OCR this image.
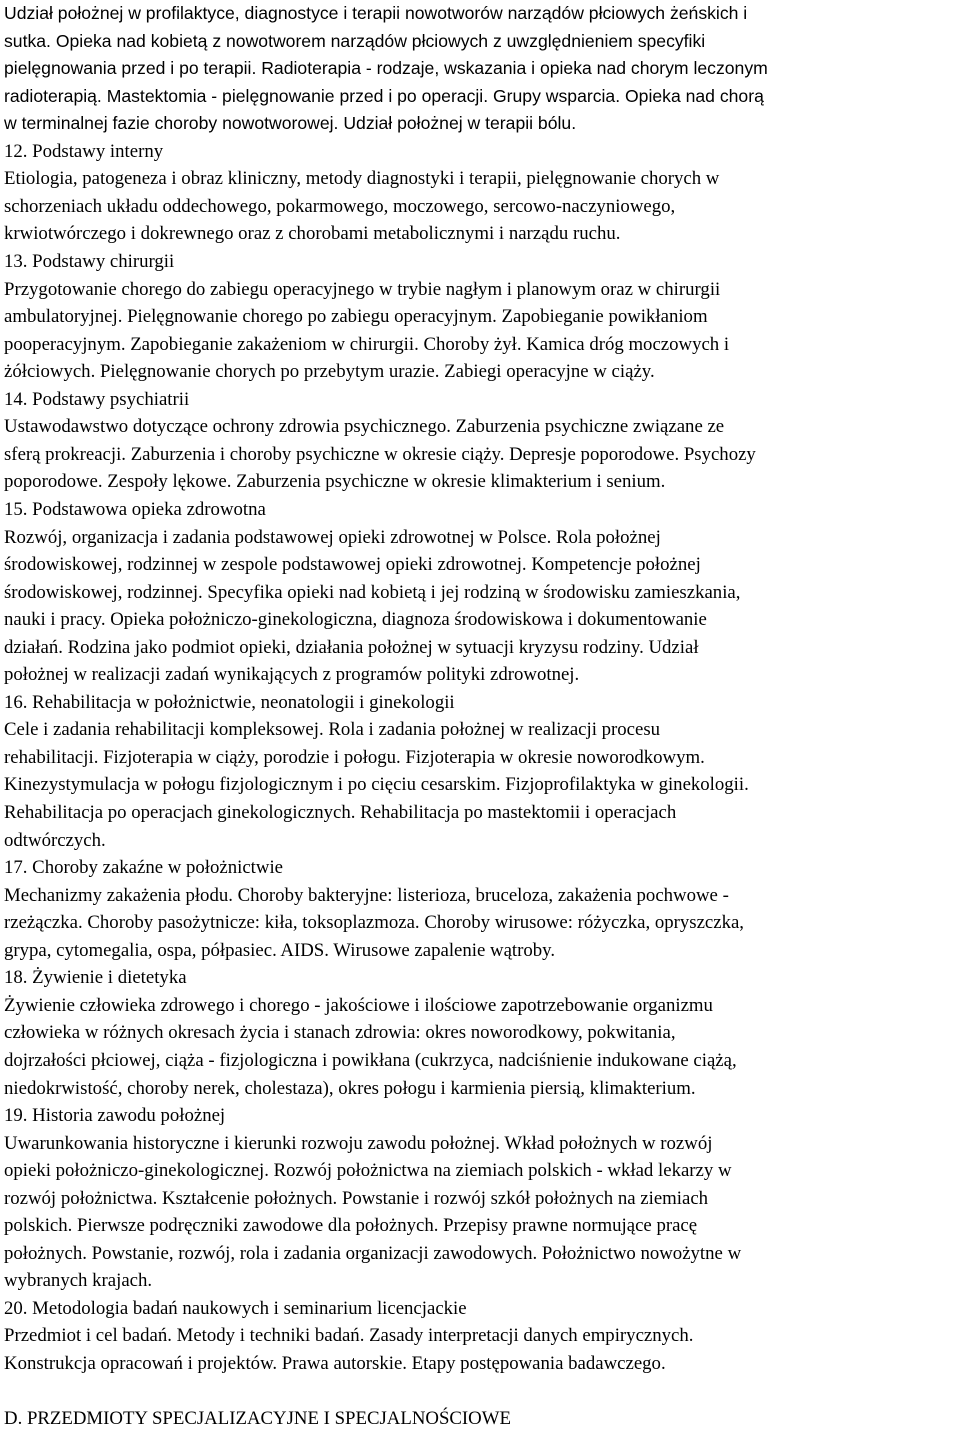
Udział położnej w profilaktyce, diagnostyce i terapii nowotworów narządów płciowych żeńskich i
sutka. Opieka nad kobietą z nowotworem narządów płciowych z uwzględnieniem specyfiki
pielęgnowania przed i po terapii. Radioterapia - rodzaje, wskazania i opieka nad chorym leczonym
radioterapią. Mastektomia - pielęgnowanie przed i po operacji. Grupy wsparcia. Opieka nad chorą
w terminalnej fazie choroby nowotworowej. Udział położnej w terapii bólu.
12. Podstawy interny
Etiologia, patogeneza i obraz kliniczny, metody diagnostyki i terapii, pielęgnowanie chorych w
schorzeniach układu oddechowego, pokarmowego, moczowego, sercowo-naczyniowego,
krwiotwórczego i dokrewnego oraz z chorobami metabolicznymi i narządu ruchu.
13. Podstawy chirurgii
Przygotowanie chorego do zabiegu operacyjnego w trybie nagłym i planowym oraz w chirurgii
ambulatoryjnej. Pielęgnowanie chorego po zabiegu operacyjnym. Zapobieganie powikłaniom
pooperacyjnym. Zapobieganie zakażeniom w chirurgii. Choroby żył. Kamica dróg moczowych i
żółciowych. Pielęgnowanie chorych po przebytym urazie. Zabiegi operacyjne w ciąży.
14. Podstawy psychiatrii
Ustawodawstwo dotyczące ochrony zdrowia psychicznego. Zaburzenia psychiczne związane ze
sferą prokreacji. Zaburzenia i choroby psychiczne w okresie ciąży. Depresje poporodowe. Psychozy
poporodowe. Zespoły lękowe. Zaburzenia psychiczne w okresie klimakterium i senium.
15. Podstawowa opieka zdrowotna
Rozwój, organizacja i zadania podstawowej opieki zdrowotnej w Polsce. Rola położnej
środowiskowej, rodzinnej w zespole podstawowej opieki zdrowotnej. Kompetencje położnej
środowiskowej, rodzinnej. Specyfika opieki nad kobietą i jej rodziną w środowisku zamieszkania,
nauki i pracy. Opieka położniczo-ginekologiczna, diagnoza środowiskowa i dokumentowanie
działań. Rodzina jako podmiot opieki, działania położnej w sytuacji kryzysu rodziny. Udział
położnej w realizacji zadań wynikających z programów polityki zdrowotnej.
16. Rehabilitacja w położnictwie, neonatologii i ginekologii
Cele i zadania rehabilitacji kompleksowej. Rola i zadania położnej w realizacji procesu
rehabilitacji. Fizjoterapia w ciąży, porodzie i połogu. Fizjoterapia w okresie noworodkowym.
Kinezystymulacja w połogu fizjologicznym i po cięciu cesarskim. Fizjoprofilaktyka w ginekologii.
Rehabilitacja po operacjach ginekologicznych. Rehabilitacja po mastektomii i operacjach
odtwórczych.
17. Choroby zakaźne w położnictwie
Mechanizmy zakażenia płodu. Choroby bakteryjne: listerioza, bruceloza, zakażenia pochwowe -
rzeżączka. Choroby pasożytnicze: kiła, toksoplazmoza. Choroby wirusowe: różyczka, opryszczka,
grypa, cytomegalia, ospa, półpasiec. AIDS. Wirusowe zapalenie wątroby.
18. Żywienie i dietetyka
Żywienie człowieka zdrowego i chorego - jakościowe i ilościowe zapotrzebowanie organizmu
człowieka w różnych okresach życia i stanach zdrowia: okres noworodkowy, pokwitania,
dojrzałości płciowej, ciąża - fizjologiczna i powikłana (cukrzyca, nadciśnienie indukowane ciążą,
niedokrwistość, choroby nerek, cholestaza), okres połogu i karmienia piersią, klimakterium.
19. Historia zawodu położnej
Uwarunkowania historyczne i kierunki rozwoju zawodu położnej. Wkład położnych w rozwój
opieki położniczo-ginekologicznej. Rozwój położnictwa na ziemiach polskich - wkład lekarzy w
rozwój położnictwa. Kształcenie położnych. Powstanie i rozwój szkół położnych na ziemiach
polskich. Pierwsze podręczniki zawodowe dla położnych. Przepisy prawne normujące pracę
położnych. Powstanie, rozwój, rola i zadania organizacji zawodowych. Położnictwo nowożytne w
wybranych krajach.
20. Metodologia badań naukowych i seminarium licencjackie
Przedmiot i cel badań. Metody i techniki badań. Zasady interpretacji danych empirycznych.
Konstrukcja opracowań i projektów. Prawa autorskie. Etapy postępowania badawczego.
D. PRZEDMIOTY SPECJALIZACYJNE I SPECJALNOŚCIOWE
